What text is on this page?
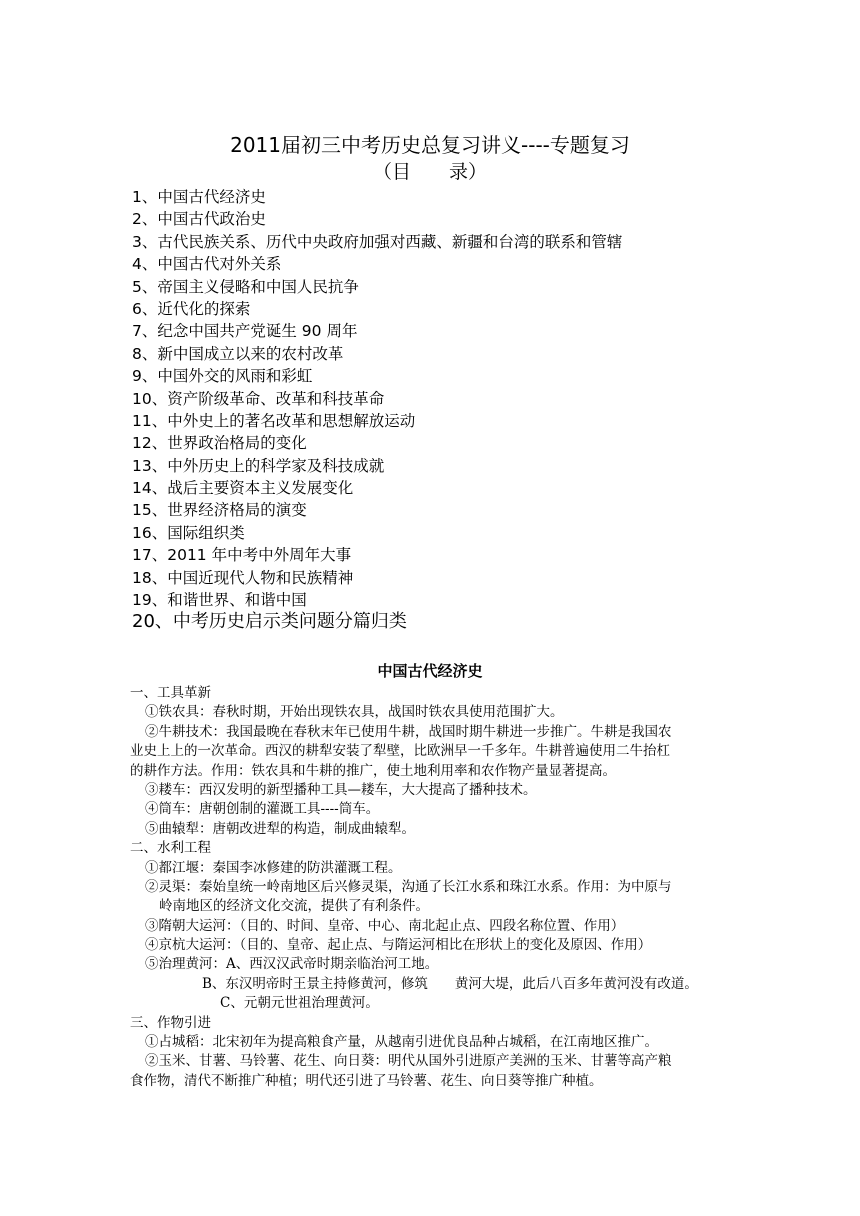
2011届初三中考历史总复习讲义----专题复习
（目　　录）
1、中国古代经济史
2、中国古代政治史
3、古代民族关系、历代中央政府加强对西藏、新疆和台湾的联系和管辖
4、中国古代对外关系
5、帝国主义侵略和中国人民抗争
6、近代化的探索
7、纪念中国共产党诞生 90 周年
8、新中国成立以来的农村改革
9、中国外交的风雨和彩虹
10、资产阶级革命、改革和科技革命
11、中外史上的著名改革和思想解放运动
12、世界政治格局的变化
13、中外历史上的科学家及科技成就
14、战后主要资本主义发展变化
15、世界经济格局的演变
16、国际组织类
17、2011 年中考中外周年大事
18、中国近现代人物和民族精神
19、和谐世界、和谐中国
20、中考历史启示类问题分篇归类
中国古代经济史
一、工具革新
①铁农具：春秋时期，开始出现铁农具，战国时铁农具使用范围扩大。
②牛耕技术：我国最晚在春秋末年已使用牛耕，战国时期牛耕进一步推广。牛耕是我国农
业史上上的一次革命。西汉的耕犁安装了犁壁，比欧洲早一千多年。牛耕普遍使用二牛抬杠
的耕作方法。作用：铁农具和牛耕的推广，使土地利用率和农作物产量显著提高。
③耧车：西汉发明的新型播种工具—耧车，大大提高了播种技术。
④筒车：唐朝创制的灌溉工具----筒车。
⑤曲辕犁：唐朝改进犁的构造，制成曲辕犁。
二、水利工程
①都江堰：秦国李冰修建的防洪灌溉工程。
②灵渠：秦始皇统一岭南地区后兴修灵渠，沟通了长江水系和珠江水系。作用：为中原与
岭南地区的经济文化交流，提供了有利条件。
③隋朝大运河：（目的、时间、皇帝、中心、南北起止点、四段名称位置、作用）
④京杭大运河：（目的、皇帝、起止点、与隋运河相比在形状上的变化及原因、作用）
⑤治理黄河：A、西汉汉武帝时期亲临治河工地。
B、东汉明帝时王景主持修黄河，修筑　　黄河大堤，此后八百多年黄河没有改道。
C、元朝元世祖治理黄河。
三、作物引进
①占城稻：北宋初年为提高粮食产量，从越南引进优良品种占城稻，在江南地区推广。
②玉米、甘薯、马铃薯、花生、向日葵：明代从国外引进原产美洲的玉米、甘薯等高产粮
食作物，清代不断推广种植；明代还引进了马铃薯、花生、向日葵等推广种植。
